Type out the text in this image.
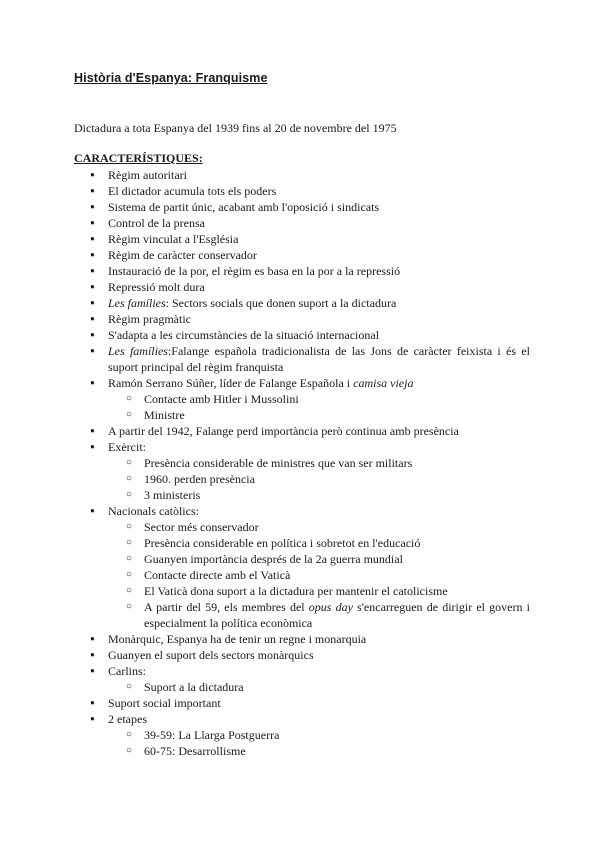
Història d'Espanya: Franquisme
Dictadura a tota Espanya del 1939 fins al 20 de novembre del 1975
CARACTERÍSTIQUES:
● Règim autoritari
● El dictador acumula tots els poders
● Sistema de partit únic, acabant amb l'oposició i sindicats
● Control de la prensa
● Règim vinculat a l'Església
● Règim de caràcter conservador
● Instauració de la por, el règim es basa en la por a la repressió
● Repressió molt dura
● Les famílies: Sectors socials que donen suport a la dictadura
● Règim pragmàtic
● S'adapta a les circumstàncies de la situació internacional
● Les famílies:Falange española tradicionalista de las Jons de caràcter feixista i és el suport principal del règim franquista
● Ramón Serrano Súñer, líder de Falange Española i camisa vieja
○ Contacte amb Hitler i Mussolini
○ Ministre
● A partir del 1942, Falange perd importància però continua amb presència
● Exèrcit:
○ Presència considerable de ministres que van ser militars
○ 1960. perden presència
○ 3 ministeris
● Nacionals catòlics:
○ Sector més conservador
○ Presència considerable en política i sobretot en l'educació
○ Guanyen importància després de la 2a guerra mundial
○ Contacte directe amb el Vaticà
○ El Vaticà dona suport a la dictadura per mantenir el catolicisme
○ A partir del 59, els membres del opus day s'encarreguen de dirigir el govern i especialment la política econòmica
● Monàrquic, Espanya ha de tenir un regne i monarquia
● Guanyen el suport dels sectors monàrquics
● Carlins:
○ Suport a la dictadura
● Suport social important
● 2 etapes
○ 39-59: La Llarga Postguerra
○ 60-75: Desarrollisme
